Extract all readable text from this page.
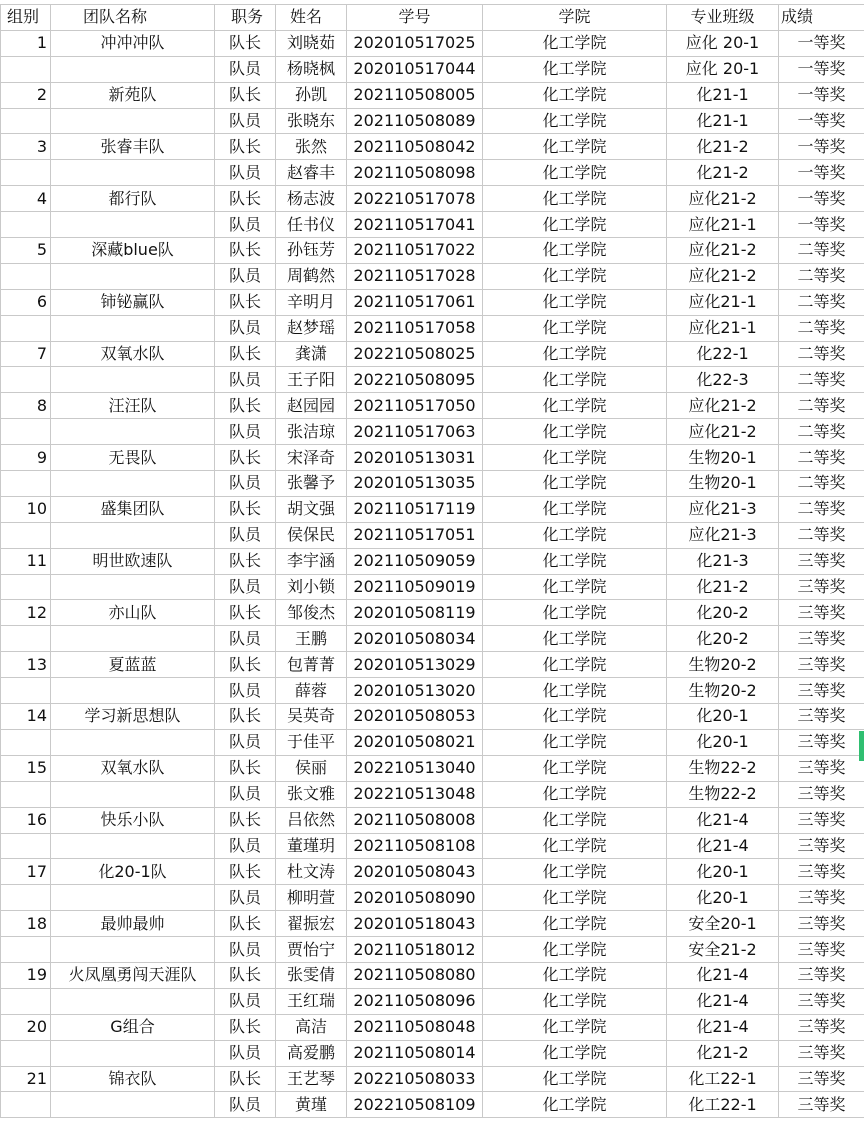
组别	团队名称	职务	姓名	学号	学院	专业班级	成绩
1	冲冲冲队	队长	刘晓茹	202010517025	化工学院	应化 20-1	一等奖
		队员	杨晓枫	202010517044	化工学院	应化 20-1	一等奖
2	新苑队	队长	孙凯	202110508005	化工学院	化21-1	一等奖
		队员	张晓东	202110508089	化工学院	化21-1	一等奖
3	张睿丰队	队长	张然	202110508042	化工学院	化21-2	一等奖
		队员	赵睿丰	202110508098	化工学院	化21-2	一等奖
4	都行队	队长	杨志波	202210517078	化工学院	应化21-2	一等奖
		队员	任书仪	202110517041	化工学院	应化21-1	一等奖
5	深藏blue队	队长	孙钰芳	202110517022	化工学院	应化21-2	二等奖
		队员	周鹤然	202110517028	化工学院	应化21-2	二等奖
6	铈铋赢队	队长	辛明月	202110517061	化工学院	应化21-1	二等奖
		队员	赵梦瑶	202110517058	化工学院	应化21-1	二等奖
7	双氧水队	队长	龚潇	202210508025	化工学院	化22-1	二等奖
		队员	王子阳	202210508095	化工学院	化22-3	二等奖
8	汪汪队	队长	赵园园	202110517050	化工学院	应化21-2	二等奖
		队员	张洁琼	202110517063	化工学院	应化21-2	二等奖
9	无畏队	队长	宋泽奇	202010513031	化工学院	生物20-1	二等奖
		队员	张馨予	202010513035	化工学院	生物20-1	二等奖
10	盛集团队	队长	胡文强	202110517119	化工学院	应化21-3	二等奖
		队员	侯保民	202110517051	化工学院	应化21-3	二等奖
11	明世欧速队	队长	李宇涵	202110509059	化工学院	化21-3	三等奖
		队员	刘小锁	202110509019	化工学院	化21-2	三等奖
12	亦山队	队长	邹俊杰	202010508119	化工学院	化20-2	三等奖
		队员	王鹏	202010508034	化工学院	化20-2	三等奖
13	夏蓝蓝	队长	包菁菁	202010513029	化工学院	生物20-2	三等奖
		队员	薛蓉	202010513020	化工学院	生物20-2	三等奖
14	学习新思想队	队长	吴英奇	202010508053	化工学院	化20-1	三等奖
		队员	于佳平	202010508021	化工学院	化20-1	三等奖
15	双氧水队	队长	侯丽	202210513040	化工学院	生物22-2	三等奖
		队员	张文雅	202210513048	化工学院	生物22-2	三等奖
16	快乐小队	队长	吕依然	202110508008	化工学院	化21-4	三等奖
		队员	董瑾玥	202110508108	化工学院	化21-4	三等奖
17	化20-1队	队长	杜文涛	202010508043	化工学院	化20-1	三等奖
		队员	柳明萱	202010508090	化工学院	化20-1	三等奖
18	最帅最帅	队长	翟振宏	202010518043	化工学院	安全20-1	三等奖
		队员	贾怡宁	202110518012	化工学院	安全21-2	三等奖
19	火凤凰勇闯天涯队	队长	张雯倩	202110508080	化工学院	化21-4	三等奖
		队员	王红瑞	202110508096	化工学院	化21-4	三等奖
20	G组合	队长	高洁	202110508048	化工学院	化21-4	三等奖
		队员	高爱鹏	202110508014	化工学院	化21-2	三等奖
21	锦衣队	队长	王艺琴	202210508033	化工学院	化工22-1	三等奖
		队员	黄瑾	202210508109	化工学院	化工22-1	三等奖
